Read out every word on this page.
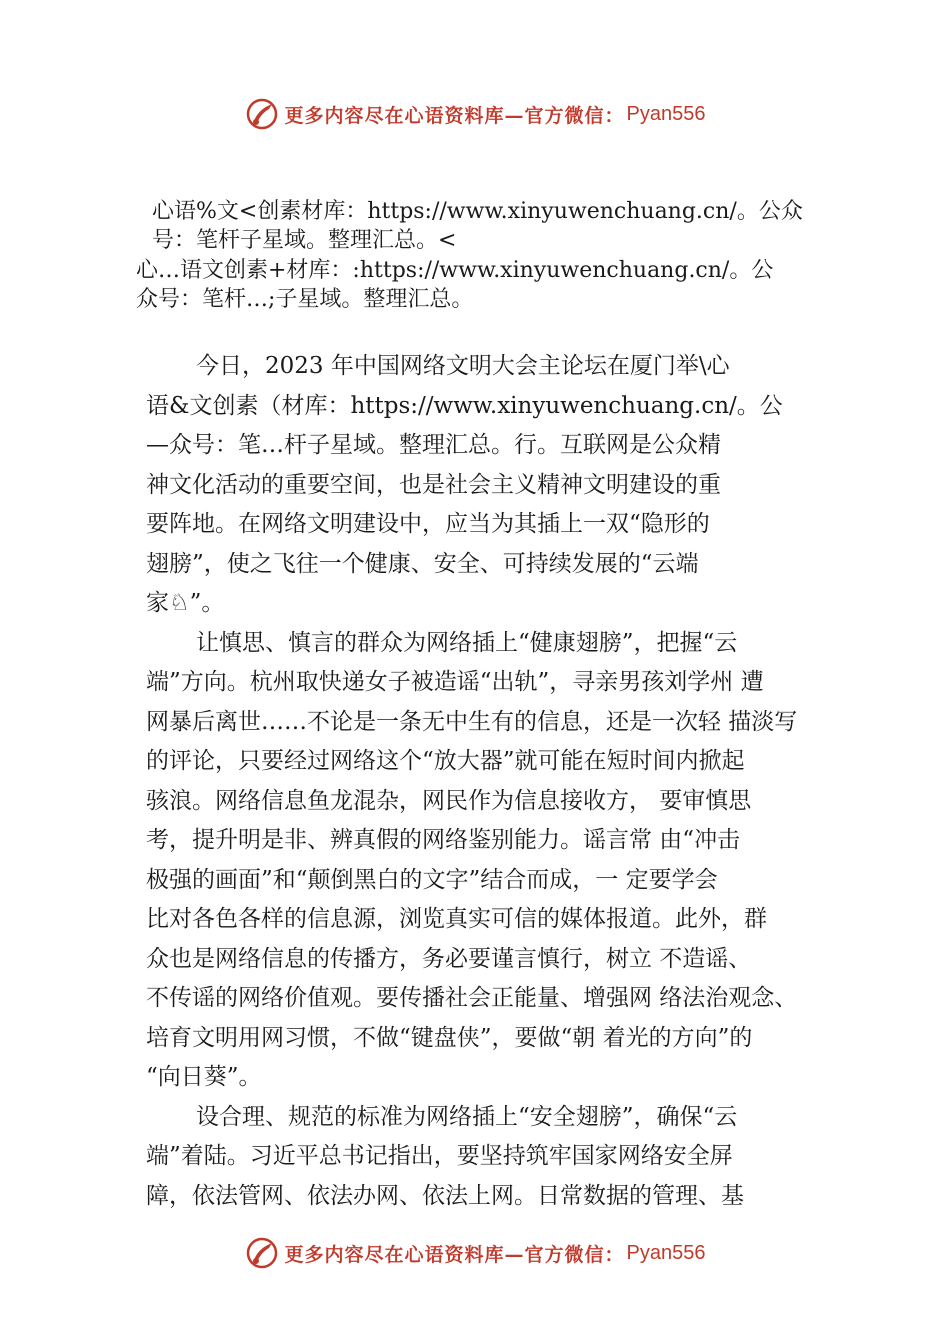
更多内容尽在心语资料库—官方微信： Pyan556

心语%文<创素材库：https://www.xinyuwenchuang.cn/。公众

号：笔杆子星域。整理汇总。<

心…语文创素+材库：:https://www.xinyuwenchuang.cn/。公

众号：笔杆…;子星域。整理汇总。

今日，2023 年中国网络文明大会主论坛在厦门举\心

语&文创素（材库：https://www.xinyuwenchuang.cn/。公

—众号：笔…杆子星域。整理汇总。行。互联网是公众精

神文化活动的重要空间，也是社会主义精神文明建设的重

要阵地。在网络文明建设中，应当为其插上一双“隐形的

翅膀”，使之飞往一个健康、安全、可持续发展的“云端

家♘”。

让慎思、慎言的群众为网络插上“健康翅膀”，把握“云

端”方向。杭州取快递女子被造谣“出轨”，寻亲男孩刘学州 遭

网暴后离世……不论是一条无中生有的信息，还是一次轻 描淡写

的评论，只要经过网络这个“放大器”就可能在短时间内掀起

骇浪。网络信息鱼龙混杂，网民作为信息接收方， 要审慎思

考，提升明是非、辨真假的网络鉴别能力。谣言常 由“冲击

极强的画面”和“颠倒黑白的文字”结合而成，一 定要学会

比对各色各样的信息源，浏览真实可信的媒体报道。此外，群

众也是网络信息的传播方，务必要谨言慎行，树立 不造谣、

不传谣的网络价值观。要传播社会正能量、增强网 络法治观念、

培育文明用网习惯，不做“键盘侠”，要做“朝 着光的方向”的

“向日葵”。

设合理、规范的标准为网络插上“安全翅膀”，确保“云

端”着陆。习近平总书记指出，要坚持筑牢国家网络安全屏

障，依法管网、依法办网、依法上网。日常数据的管理、基

更多内容尽在心语资料库—官方微信： Pyan556
